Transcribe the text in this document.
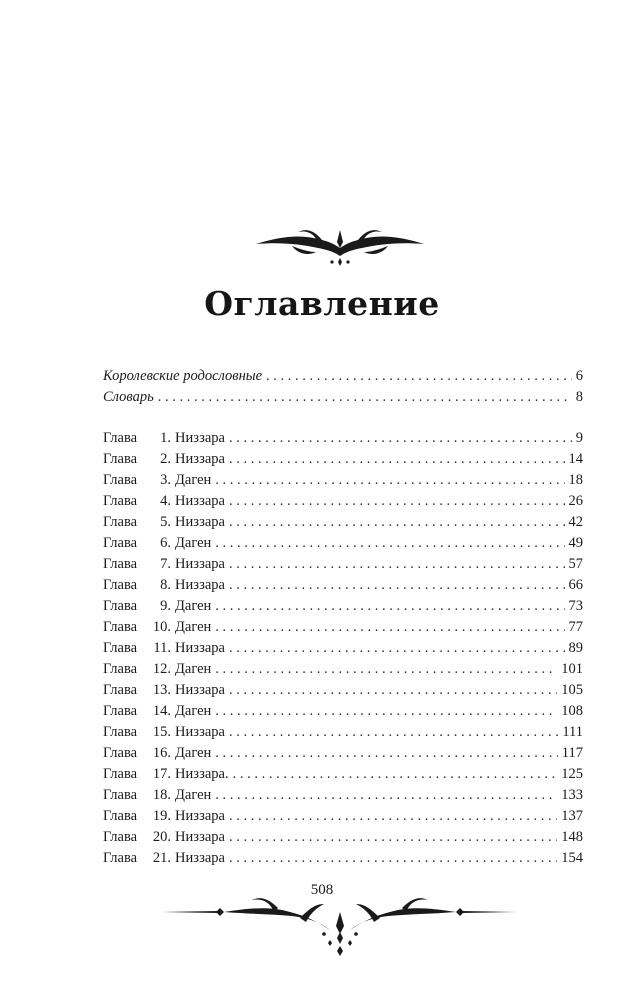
Оглавление
Королевские родословные . . .	6
Словарь . . .	8
Глава 1. Низзара . . .	9
Глава 2. Низзара . . .	14
Глава 3. Даген . . .	18
Глава 4. Низзара . . .	26
Глава 5. Низзара . . .	42
Глава 6. Даген . . .	49
Глава 7. Низзара . . .	57
Глава 8. Низзара . . .	66
Глава 9. Даген . . .	73
Глава 10. Даген . . .	77
Глава 11. Низзара . . .	89
Глава 12. Даген . . .	101
Глава 13. Низзара . . .	105
Глава 14. Даген . . .	108
Глава 15. Низзара . . .	111
Глава 16. Даген . . .	117
Глава 17. Низзара. . . .	125
Глава 18. Даген . . .	133
Глава 19. Низзара . . .	137
Глава 20. Низзара . . .	148
Глава 21. Низзара . . .	154
508
